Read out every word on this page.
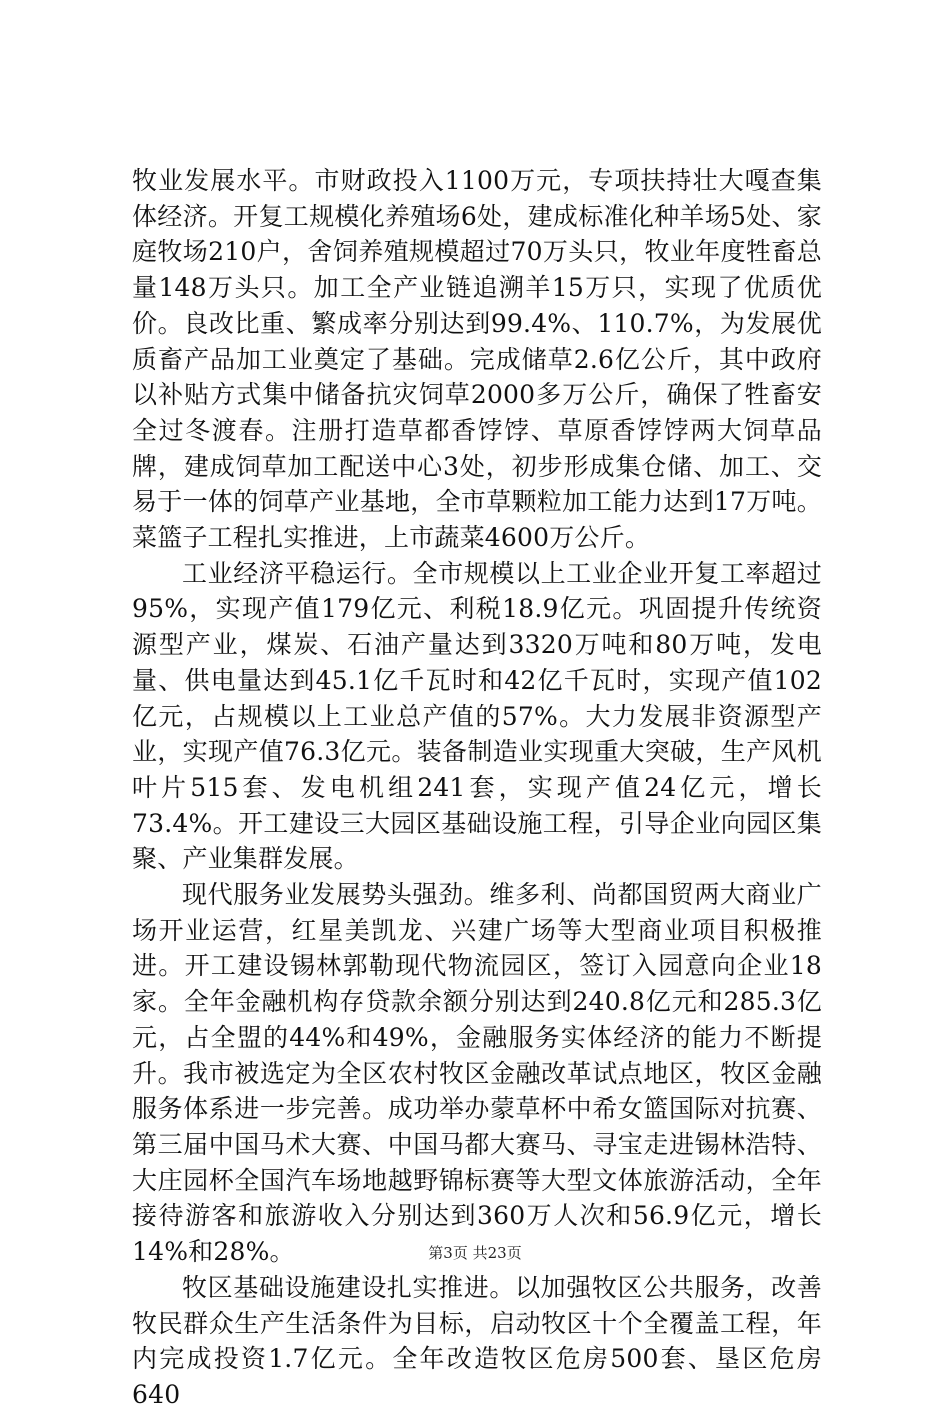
牧业发展水平。市财政投入1100万元，专项扶持壮大嘎查集体经济。开复工规模化养殖场6处，建成标准化种羊场5处、家庭牧场210户，舍饲养殖规模超过70万头只，牧业年度牲畜总量148万头只。加工全产业链追溯羊15万只，实现了优质优价。良改比重、繁成率分别达到99.4%、110.7%，为发展优质畜产品加工业奠定了基础。完成储草2.6亿公斤，其中政府以补贴方式集中储备抗灾饲草2000多万公斤，确保了牲畜安全过冬渡春。注册打造草都香饽饽、草原香饽饽两大饲草品牌，建成饲草加工配送中心3处，初步形成集仓储、加工、交易于一体的饲草产业基地，全市草颗粒加工能力达到17万吨。菜篮子工程扎实推进，上市蔬菜4600万公斤。

工业经济平稳运行。全市规模以上工业企业开复工率超过95%，实现产值179亿元、利税18.9亿元。巩固提升传统资源型产业，煤炭、石油产量达到3320万吨和80万吨，发电量、供电量达到45.1亿千瓦时和42亿千瓦时，实现产值102亿元，占规模以上工业总产值的57%。大力发展非资源型产业，实现产值76.3亿元。装备制造业实现重大突破，生产风机叶片515套、发电机组241套，实现产值24亿元，增长73.4%。开工建设三大园区基础设施工程，引导企业向园区集聚、产业集群发展。

现代服务业发展势头强劲。维多利、尚都国贸两大商业广场开业运营，红星美凯龙、兴建广场等大型商业项目积极推进。开工建设锡林郭勒现代物流园区，签订入园意向企业18家。全年金融机构存贷款余额分别达到240.8亿元和285.3亿元，占全盟的44%和49%，金融服务实体经济的能力不断提升。我市被选定为全区农村牧区金融改革试点地区，牧区金融服务体系进一步完善。成功举办蒙草杯中希女篮国际对抗赛、第三届中国马术大赛、中国马都大赛马、寻宝走进锡林浩特、大庄园杯全国汽车场地越野锦标赛等大型文体旅游活动，全年接待游客和旅游收入分别达到360万人次和56.9亿元，增长14%和28%。

牧区基础设施建设扎实推进。以加强牧区公共服务，改善牧民群众生产生活条件为目标，启动牧区十个全覆盖工程，年内完成投资1.7亿元。全年改造牧区危房500套、垦区危房640

第3页 共23页
